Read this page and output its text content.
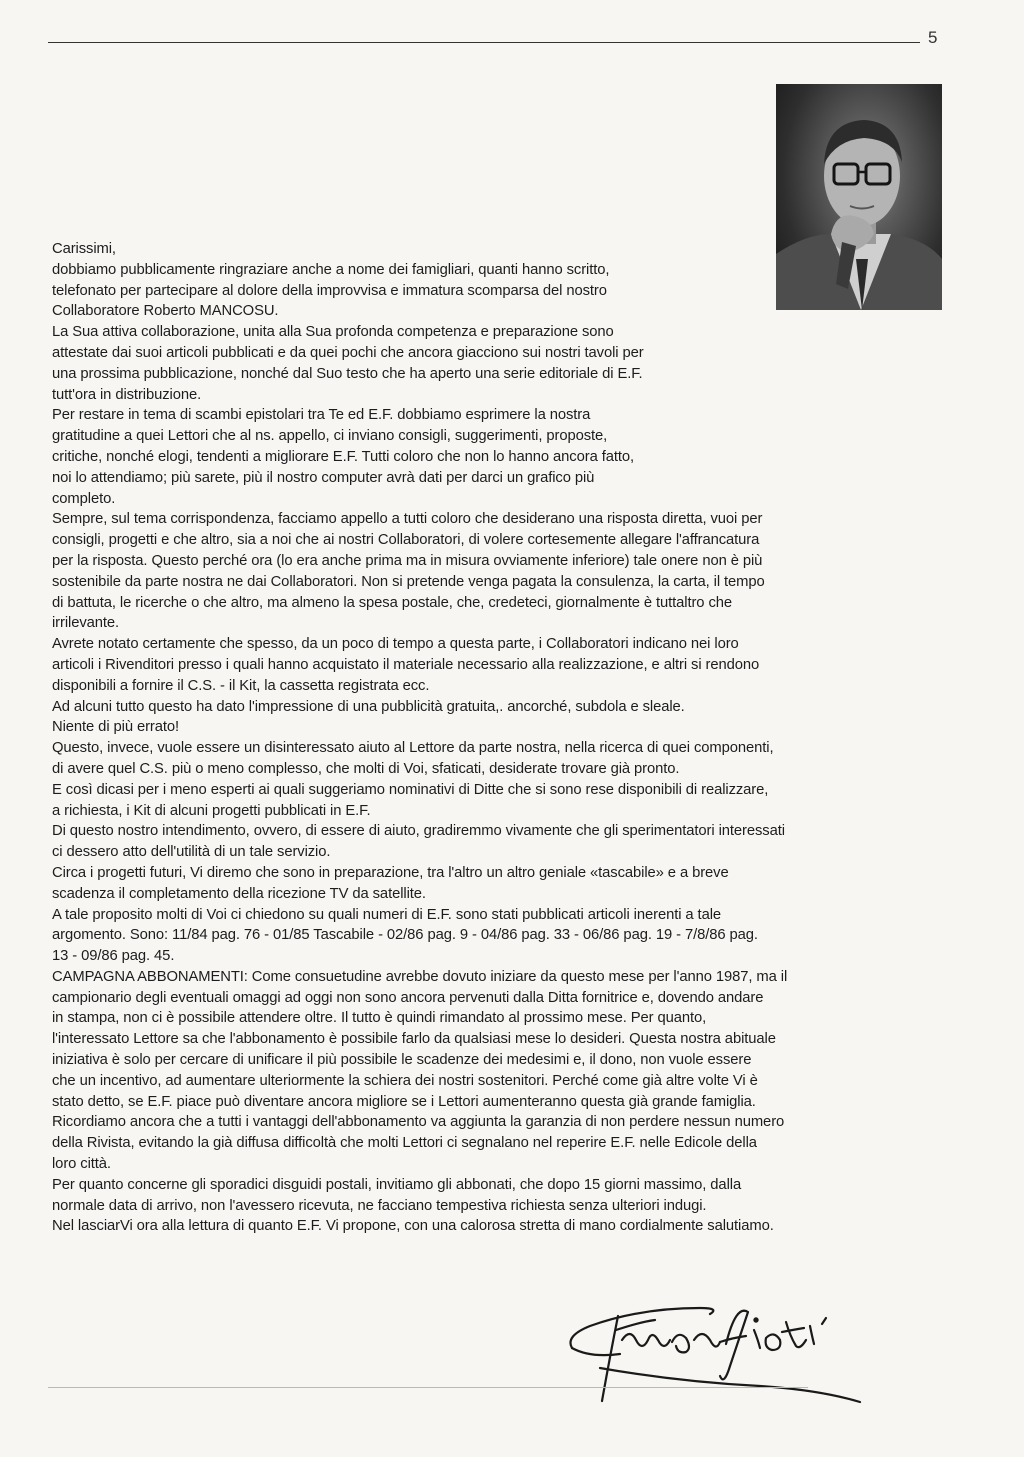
5

Carissimi,

dobbiamo pubblicamente ringraziare anche a nome dei famigliari, quanti hanno scritto,

telefonato per partecipare al dolore della improvvisa e immatura scomparsa del nostro

Collaboratore Roberto MANCOSU.

La Sua attiva collaborazione, unita alla Sua profonda competenza e preparazione sono

attestate dai suoi articoli pubblicati e da quei pochi che ancora giacciono sui nostri tavoli per

una prossima pubblicazione, nonché dal Suo testo che ha aperto una serie editoriale di E.F.

tutt'ora in distribuzione.

Per restare in tema di scambi epistolari tra Te ed E.F. dobbiamo esprimere la nostra

gratitudine a quei Lettori che al ns. appello, ci inviano consigli, suggerimenti, proposte,

critiche, nonché elogi, tendenti a migliorare E.F. Tutti coloro che non lo hanno ancora fatto,

noi lo attendiamo; più sarete, più il nostro computer avrà dati per darci un grafico più

completo.

Sempre, sul tema corrispondenza, facciamo appello a tutti coloro che desiderano una risposta diretta, vuoi per

consigli, progetti e che altro, sia a noi che ai nostri Collaboratori, di volere cortesemente allegare l'affrancatura

per la risposta. Questo perché ora (lo era anche prima ma in misura ovviamente inferiore) tale onere non è più

sostenibile da parte nostra ne dai Collaboratori. Non si pretende venga pagata la consulenza, la carta, il tempo

di battuta, le ricerche o che altro, ma almeno la spesa postale, che, credeteci, giornalmente è tuttaltro che

irrilevante.

Avrete notato certamente che spesso, da un poco di tempo a questa parte, i Collaboratori indicano nei loro

articoli i Rivenditori presso i quali hanno acquistato il materiale necessario alla realizzazione, e altri si rendono

disponibili a fornire il C.S. - il Kit, la cassetta registrata ecc.

Ad alcuni tutto questo ha dato l'impressione di una pubblicità gratuita,. ancorché, subdola e sleale.

Niente di più errato!

Questo, invece, vuole essere un disinteressato aiuto al Lettore da parte nostra, nella ricerca di quei componenti,

di avere quel C.S. più o meno complesso, che molti di Voi, sfaticati, desiderate trovare già pronto.

E così dicasi per i meno esperti ai quali suggeriamo nominativi di Ditte che si sono rese disponibili di realizzare,

a richiesta, i Kit di alcuni progetti pubblicati in E.F.

Di questo nostro intendimento, ovvero, di essere di aiuto, gradiremmo vivamente che gli sperimentatori interessati

ci dessero atto dell'utilità di un tale servizio.

Circa i progetti futuri, Vi diremo che sono in preparazione, tra l'altro un altro geniale «tascabile» e a breve

scadenza il completamento della ricezione TV da satellite.

A tale proposito molti di Voi ci chiedono su quali numeri di E.F. sono stati pubblicati articoli inerenti a tale

argomento. Sono: 11/84 pag. 76 - 01/85 Tascabile - 02/86 pag. 9 - 04/86 pag. 33 - 06/86 pag. 19 - 7/8/86 pag.

13 - 09/86 pag. 45.

CAMPAGNA ABBONAMENTI: Come consuetudine avrebbe dovuto iniziare da questo mese per l'anno 1987, ma il

campionario degli eventuali omaggi ad oggi non sono ancora pervenuti dalla Ditta fornitrice e, dovendo andare

in stampa, non ci è possibile attendere oltre. Il tutto è quindi rimandato al prossimo mese. Per quanto,

l'interessato Lettore sa che l'abbonamento è possibile farlo da qualsiasi mese lo desideri. Questa nostra abituale

iniziativa è solo per cercare di unificare il più possibile le scadenze dei medesimi e, il dono, non vuole essere

che un incentivo, ad aumentare ulteriormente la schiera dei nostri sostenitori. Perché come già altre volte Vi è

stato detto, se E.F. piace può diventare ancora migliore se i Lettori aumenteranno questa già grande famiglia.

Ricordiamo ancora che a tutti i vantaggi dell'abbonamento va aggiunta la garanzia di non perdere nessun numero

della Rivista, evitando la già diffusa difficoltà che molti Lettori ci segnalano nel reperire E.F. nelle Edicole della

loro città.

Per quanto concerne gli sporadici disguidi postali, invitiamo gli abbonati, che dopo 15 giorni massimo, dalla

normale data di arrivo, non l'avessero ricevuta, ne facciano tempestiva richiesta senza ulteriori indugi.

Nel lasciarVi ora alla lettura di quanto E.F. Vi propone, con una calorosa stretta di mano cordialmente salutiamo.
